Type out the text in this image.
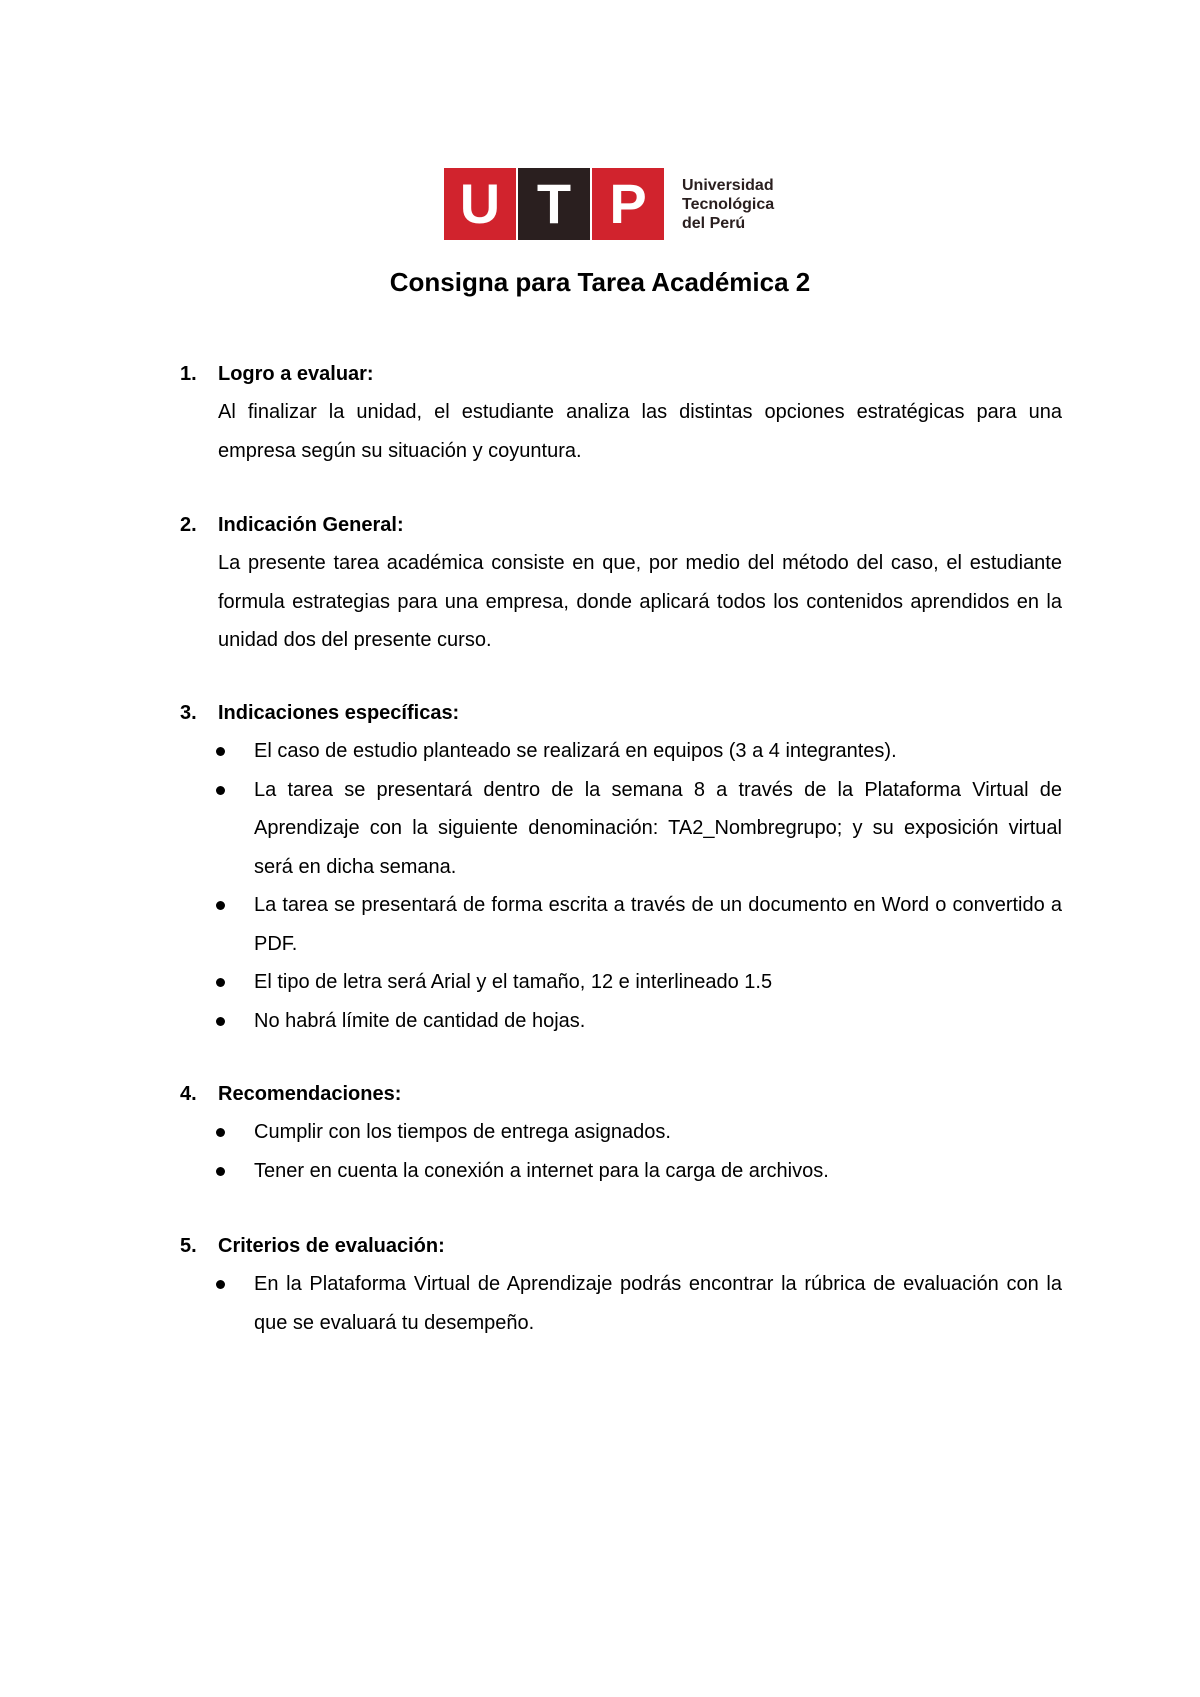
U T P	Universidad
Tecnológica
del Perú
Consigna para Tarea Académica 2
1.	Logro a evaluar:
Al finalizar la unidad, el estudiante analiza las distintas opciones estratégicas para una empresa según su situación y coyuntura.
2.	Indicación General:
La presente tarea académica consiste en que, por medio del método del caso, el estudiante formula estrategias para una empresa, donde aplicará todos los contenidos aprendidos en la unidad dos del presente curso.
3.	Indicaciones específicas:
El caso de estudio planteado se realizará en equipos (3 a 4 integrantes).
La tarea se presentará dentro de la semana 8 a través de la Plataforma Virtual de Aprendizaje con la siguiente denominación: TA2_Nombregrupo; y su exposición virtual será en dicha semana.
La tarea se presentará de forma escrita a través de un documento en Word o convertido a PDF.
El tipo de letra será Arial y el tamaño, 12 e interlineado 1.5
No habrá límite de cantidad de hojas.
4.	Recomendaciones:
Cumplir con los tiempos de entrega asignados.
Tener en cuenta la conexión a internet para la carga de archivos.
5.	Criterios de evaluación:
En la Plataforma Virtual de Aprendizaje podrás encontrar la rúbrica de evaluación con la que se evaluará tu desempeño.
